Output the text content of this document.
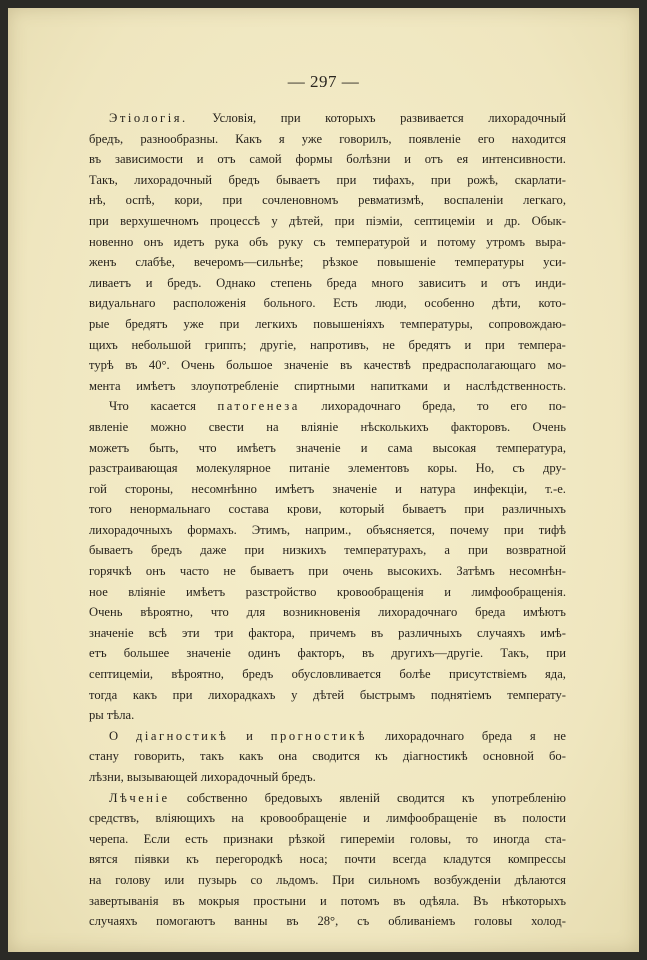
— 297 —
Этіологія. Условія, при которыхъ развивается лихорадочный
бредъ, разнообразны. Какъ я уже говорилъ, появленіе его находится
въ зависимости и отъ самой формы болѣзни и отъ ея интенсивности.
Такъ, лихорадочный бредъ бываетъ при тифахъ, при рожѣ, скарлати-
нѣ, оспѣ, кори, при сочленовномъ ревматизмѣ, воспаленіи легкаго,
при верхушечномъ процессѣ у дѣтей, при піэміи, септицеміи и др. Обык-
новенно онъ идетъ рука объ руку съ температурой и потому утромъ выра-
женъ слабѣе, вечеромъ—сильнѣе; рѣзкое повышеніе температуры уси-
ливаетъ и бредъ. Однако степень бреда много зависитъ и отъ инди-
видуальнаго расположенія больного. Есть люди, особенно дѣти, кото-
рые бредятъ уже при легкихъ повышеніяхъ температуры, сопровождаю-
щихъ небольшой гриппъ; другіе, напротивъ, не бредятъ и при темпера-
турѣ въ 40°. Очень большое значеніе въ качествѣ предрасполагающаго мо-
мента имѣетъ злоупотребленіе спиртными напитками и наслѣдственность.
Что касается патогенеза лихорадочнаго бреда, то его по-
явленіе можно свести на вліяніе нѣсколькихъ факторовъ. Очень
можетъ быть, что имѣетъ значеніе и сама высокая температура,
разстраивающая молекулярное питаніе элементовъ коры. Но, съ дру-
гой стороны, несомнѣнно имѣетъ значеніе и натура инфекціи, т.-е.
того ненормальнаго состава крови, который бываетъ при различныхъ
лихорадочныхъ формахъ. Этимъ, наприм., объясняется, почему при тифѣ
бываетъ бредъ даже при низкихъ температурахъ, а при возвратной
горячкѣ онъ часто не бываетъ при очень высокихъ. Затѣмъ несомнѣн-
ное вліяніе имѣетъ разстройство кровообращенія и лимфообращенія.
Очень вѣроятно, что для возникновенія лихорадочнаго бреда имѣютъ
значеніе всѣ эти три фактора, причемъ въ различныхъ случаяхъ имѣ-
етъ большее значеніе одинъ факторъ, въ другихъ—другіе. Такъ, при
септицеміи, вѣроятно, бредъ обусловливается болѣе присутствіемъ яда,
тогда какъ при лихорадкахъ у дѣтей быстрымъ поднятіемъ температу-
ры
тѣла.
О діагностикѣ и прогностикѣ лихорадочнаго бреда я не
стану говорить, такъ какъ она сводится къ діагностикѣ основной бо-
лѣзни,
вызывающей
лихорадочный
бредъ.
Лѣченіе собственно бредовыхъ явленій сводится къ употребленію
средствъ, вліяющихъ на кровообращеніе и лимфообращеніе въ полости
черепа. Если есть признаки рѣзкой гипереміи головы, то иногда ста-
вятся піявки къ перегородкѣ носа; почти всегда кладутся компрессы
на голову или пузырь со льдомъ. При сильномъ возбужденіи дѣлаются
завертыванія въ мокрыя простыни и потомъ въ одѣяла. Въ нѣкоторыхъ
случаяхъ помогаютъ ванны въ 28°, съ обливаніемъ головы холод-
